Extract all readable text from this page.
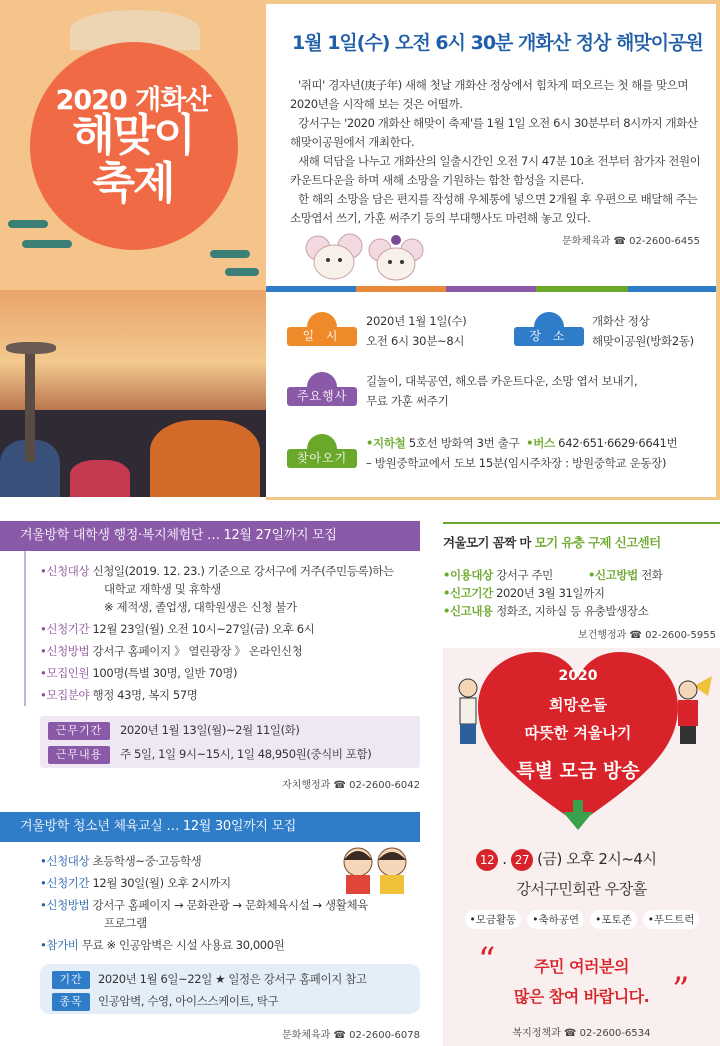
2020 개화산
해맞이
축제
1월 1일(수) 오전 6시 30분 개화산 정상 해맞이공원

'쥐띠' 경자년(庚子年) 새해 첫날 개화산 정상에서 힘차게 떠오르는 첫 해를 맞으며 2020년을 시작해 보는 것은 어떨까.

강서구는 '2020 개화산 해맞이 축제'를 1월 1일 오전 6시 30분부터 8시까지 개화산 해맞이공원에서 개최한다.

새해 덕담을 나누고 개화산의 일출시간인 오전 7시 47분 10초 전부터 참가자 전원이 카운트다운을 하며 새해 소망을 기원하는 함찬 함성을 지른다.

한 해의 소망을 담은 편지를 작성해 우체통에 넣으면 2개월 후 우편으로 배달해 주는 소망엽서 쓰기, 가훈 써주기 등의 부대행사도 마련해 놓고 있다.

문화체육과 ☎ 02-2600-6455
일 시
2020년 1월 1일(수)
오전 6시 30분~8시	장 소
개화산 정상
해맞이공원(방화2동)
주요행사
길놀이, 대북공연, 해오름 카운트다운, 소망 엽서 보내기,
무료 가훈 써주기
찾아오기
•지하철 5호선 방화역 3번 출구 •버스 642·651·6629·6641번
– 방원중학교에서 도보 15분(임시주차장 : 방원중학교 운동장)
겨울방학 대학생 행정·복지체험단 … 12월 27일까지 모집
•신청대상 신청일(2019. 12. 23.) 기준으로 강서구에 거주(주민등록)하는
대학교 재학생 및 휴학생
※ 제적생, 졸업생, 대학원생은 신청 불가
•신청기간 12월 23일(월) 오전 10시~27일(금) 오후 6시
•신청방법 강서구 홈페이지 》 열린광장 》 온라인신청
•모집인원 100명(특별 30명, 일반 70명)
•모집분야 행정 43명, 복지 57명
근무기간 2020년 1월 13일(월)~2월 11일(화)
근무내용 주 5일, 1일 9시~15시, 1일 48,950원(중식비 포함)
자치행정과 ☎ 02-2600-6042
겨울방학 청소년 체육교실 … 12월 30일까지 모집
•신청대상 초등학생~중·고등학생
•신청기간 12월 30일(월) 오후 2시까지
•신청방법 강서구 홈페이지 → 문화관광 → 문화체육시설 → 생활체육
프로그램
•참가비 무료 ※ 인공암벽은 시설 사용료 30,000원
기간 2020년 1월 6일~22일 ★ 일정은 강서구 홈페이지 참고
종목 인공암벽, 수영, 아이스스케이트, 탁구
문화체육과 ☎ 02-2600-6078
겨울모기 꼼짝 마 모기 유충 구제 신고센터
•이용대상 강서구 주민	•신고방법 전화
•신고기간 2020년 3월 31일까지
•신고내용 정화조, 지하실 등 유충발생장소
보건행정과 ☎ 02-2600-5955
2020
희망온돌
따뜻한 겨울나기
특별 모금 방송
12 . 27 (금) 오후 2시~4시
강서구민회관 우장홀
•모금활동	•축하공연	•포토존	•푸드트럭
“	주민 여러분의
많은 참여 바랍니다. ”
복지정책과 ☎ 02-2600-6534
